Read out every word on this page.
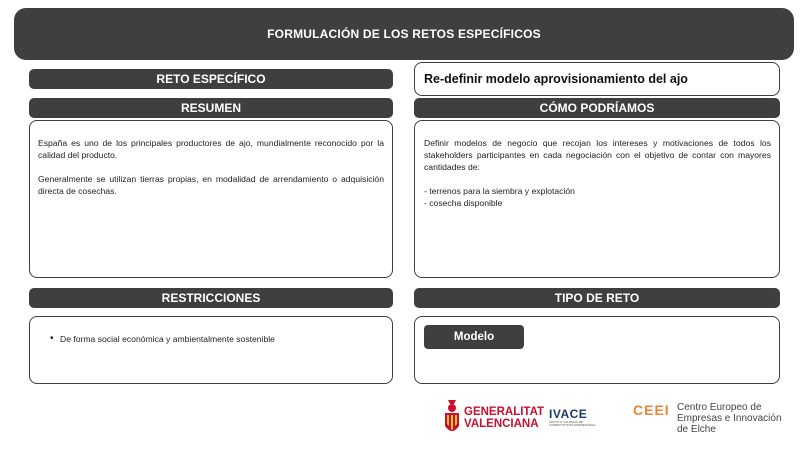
FORMULACIÓN DE LOS RETOS ESPECÍFICOS
RETO ESPECÍFICO	Re-definir modelo aprovisionamiento del ajo
RESUMEN

España es uno de los principales productores de ajo, mundialmente reconocido por la calidad del producto.

Generalmente se utilizan tierras propias, en modalidad de arrendamiento o adquisición directa de cosechas.

CÓMO PODRÍAMOS

Definir modelos de negocio que recojan los intereses y motivaciones de todos los stakeholders participantes en cada negociación con el objetivo de contar con mayores cantidades de:

- terrenos para la siembra y explotación
- cosecha disponible
RESTRICCIONES
• De forma social económica y ambientalmente sostenible
TIPO DE RETO
Modelo
GENERALITAT
VALENCIANA
IVACE
INSTITUT VALENCIÀ DE
COMPETITIVITAT EMPRESARIAL
CEEI Centro Europeo de
Empresas e Innovación
de Elche
